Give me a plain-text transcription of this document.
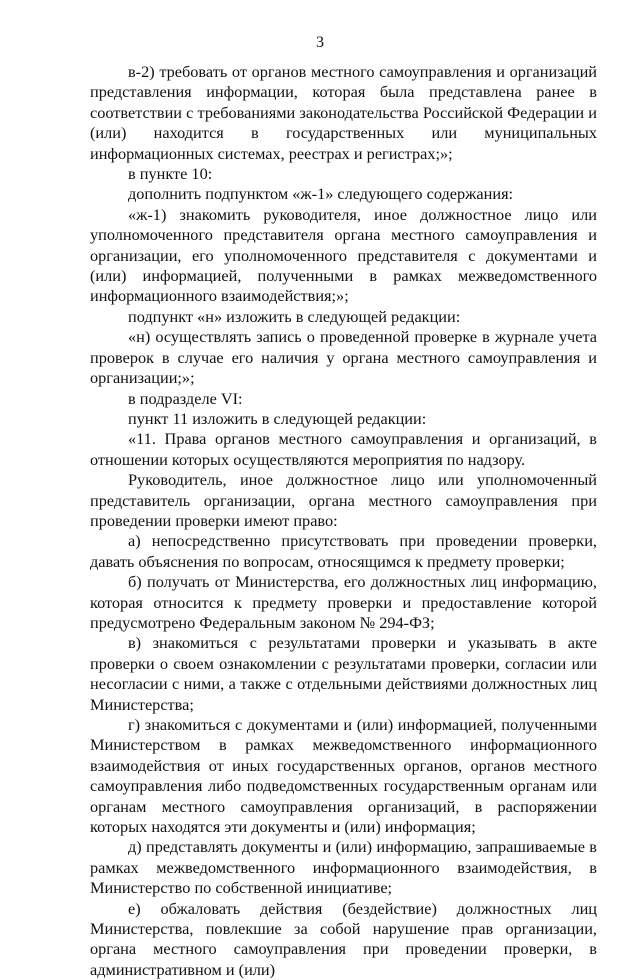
3

в-2) требовать от органов местного самоуправления и организаций представления информации, которая была представлена ранее в соответствии с требованиями законодательства Российской Федерации и (или) находится в государственных или муниципальных информационных системах, реестрах и регистрах;»;

в пункте 10:

дополнить подпунктом «ж-1» следующего содержания:

«ж-1) знакомить руководителя, иное должностное лицо или уполномоченного представителя органа местного самоуправления и организации, его уполномоченного представителя с документами и (или) информацией, полученными в рамках межведомственного информационного взаимодействия;»;

подпункт «н» изложить в следующей редакции:

«н) осуществлять запись о проведенной проверке в журнале учета проверок в случае его наличия у органа местного самоуправления и организации;»;

в подразделе VI:

пункт 11 изложить в следующей редакции:

«11. Права органов местного самоуправления и организаций, в отношении которых осуществляются мероприятия по надзору.

Руководитель, иное должностное лицо или уполномоченный представитель организации, органа местного самоуправления при проведении проверки имеют право:

а) непосредственно присутствовать при проведении проверки, давать объяснения по вопросам, относящимся к предмету проверки;

б) получать от Министерства, его должностных лиц информацию, которая относится к предмету проверки и предоставление которой предусмотрено Федеральным законом № 294-ФЗ;

в) знакомиться с результатами проверки и указывать в акте проверки о своем ознакомлении с результатами проверки, согласии или несогласии с ними, а также с отдельными действиями должностных лиц Министерства;

г) знакомиться с документами и (или) информацией, полученными Министерством в рамках межведомственного информационного взаимодействия от иных государственных органов, органов местного самоуправления либо подведомственных государственным органам или органам местного самоуправления организаций, в распоряжении которых находятся эти документы и (или) информация;

д) представлять документы и (или) информацию, запрашиваемые в рамках межведомственного информационного взаимодействия, в Министерство по собственной инициативе;

е) обжаловать действия (бездействие) должностных лиц Министерства, повлекшие за собой нарушение прав организации, органа местного самоуправления при проведении проверки, в административном и (или)
